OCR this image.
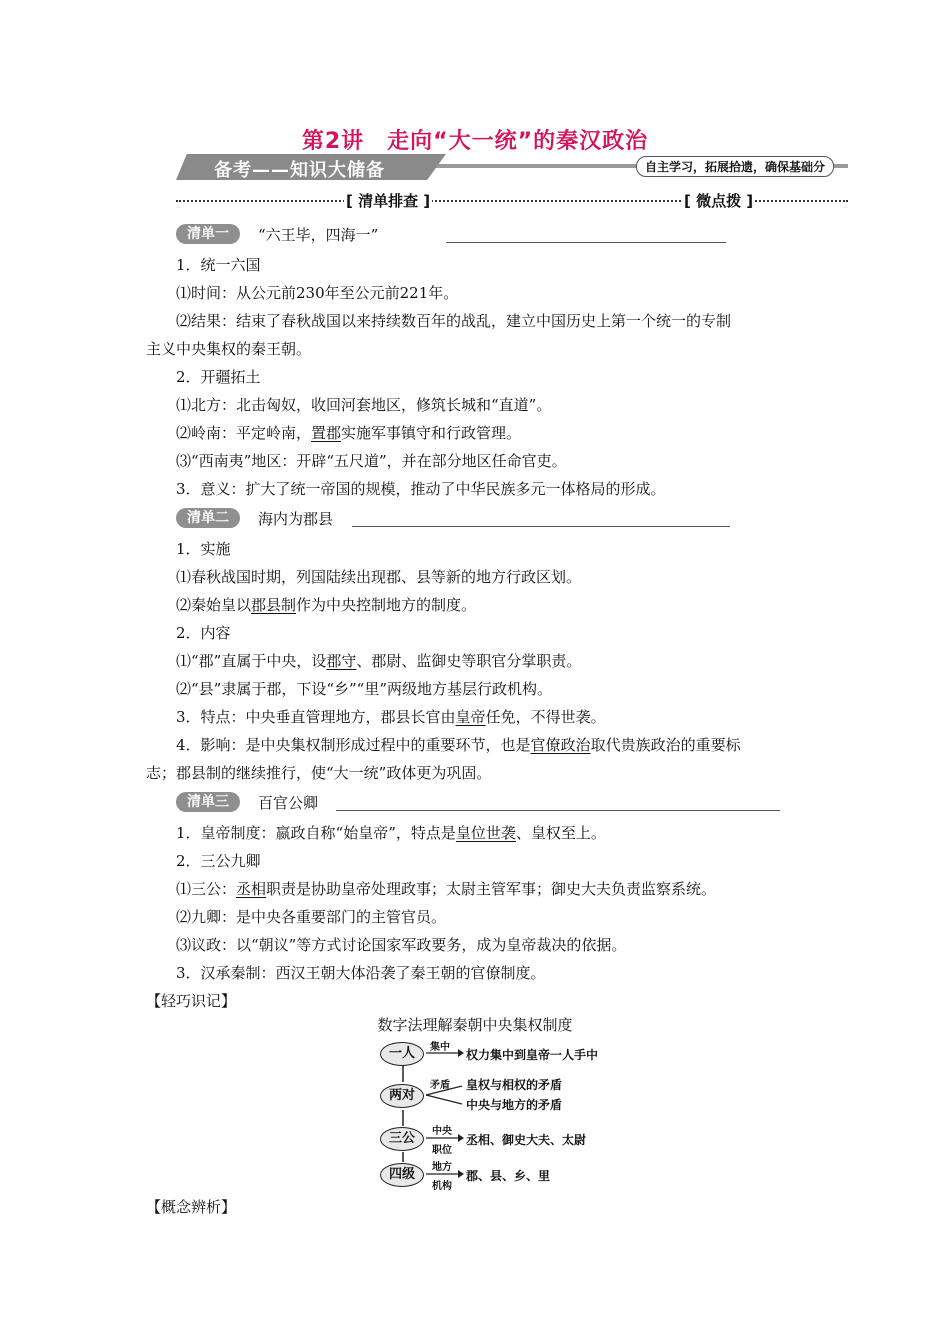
第2讲　走向“大一统”的秦汉政治
备考——知识大储备	自主学习，拓展拾遗，确保基础分
[ 清单排查 ]	[ 微点拨 ]
清单一	“六王毕，四海一”
1．统一六国
⑴时间：从公元前230年至公元前221年。
⑵结果：结束了春秋战国以来持续数百年的战乱，建立中国历史上第一个统一的专制
主义中央集权的秦王朝。
2．开疆拓土
⑴北方：北击匈奴，收回河套地区，修筑长城和“直道”。
⑵岭南：平定岭南，置郡实施军事镇守和行政管理。
⑶“西南夷”地区：开辟“五尺道”，并在部分地区任命官吏。
3．意义：扩大了统一帝国的规模，推动了中华民族多元一体格局的形成。
清单二	海内为郡县
1．实施
⑴春秋战国时期，列国陆续出现郡、县等新的地方行政区划。
⑵秦始皇以郡县制作为中央控制地方的制度。
2．内容
⑴“郡”直属于中央，设郡守、郡尉、监御史等职官分掌职责。
⑵“县”隶属于郡，下设“乡”“里”两级地方基层行政机构。
3．特点：中央垂直管理地方，郡县长官由皇帝任免，不得世袭。
4．影响：是中央集权制形成过程中的重要环节，也是官僚政治取代贵族政治的重要标
志；郡县制的继续推行，使“大一统”政体更为巩固。
清单三	百官公卿
1．皇帝制度：嬴政自称“始皇帝”，特点是皇位世袭、皇权至上。
2．三公九卿
⑴三公：丞相职责是协助皇帝处理政事；太尉主管军事；御史大夫负责监察系统。
⑵九卿：是中央各重要部门的主管官员。
⑶议政：以“朝议”等方式讨论国家军政要务，成为皇帝裁决的依据。
3．汉承秦制：西汉王朝大体沿袭了秦王朝的官僚制度。
【轻巧识记】
数字法理解秦朝中央集权制度
一人	集中
权力集中到皇帝一人手中
两对
矛盾 皇权与相权的矛盾
中央与地方的矛盾
三公	中央
职位
丞相、御史大夫、太尉
四级	地方
机构
郡、县、乡、里
【概念辨析】
